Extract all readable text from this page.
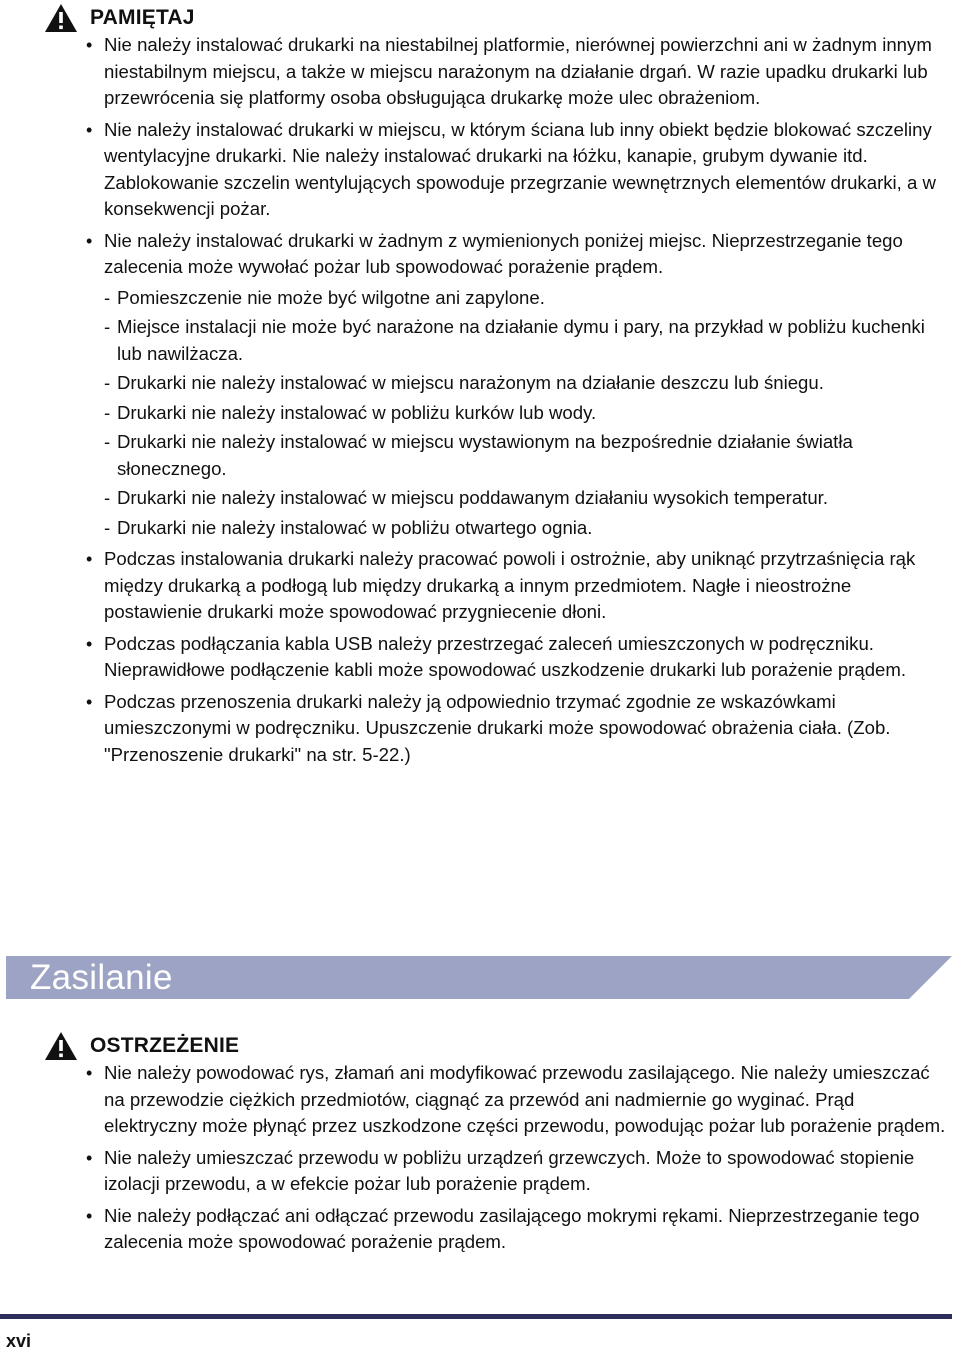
PAMIĘTAJ
• Nie należy instalować drukarki na niestabilnej platformie, nierównej powierzchni ani w żadnym innym niestabilnym miejscu, a także w miejscu narażonym na działanie drgań. W razie upadku drukarki lub przewrócenia się platformy osoba obsługująca drukarkę może ulec obrażeniom.
• Nie należy instalować drukarki w miejscu, w którym ściana lub inny obiekt będzie blokować szczeliny wentylacyjne drukarki. Nie należy instalować drukarki na łóżku, kanapie, grubym dywanie itd. Zablokowanie szczelin wentylujących spowoduje przegrzanie wewnętrznych elementów drukarki, a w konsekwencji pożar.
• Nie należy instalować drukarki w żadnym z wymienionych poniżej miejsc. Nieprzestrzeganie tego zalecenia może wywołać pożar lub spowodować porażenie prądem.
- Pomieszczenie nie może być wilgotne ani zapylone.
- Miejsce instalacji nie może być narażone na działanie dymu i pary, na przykład w pobliżu kuchenki lub nawilżacza.
- Drukarki nie należy instalować w miejscu narażonym na działanie deszczu lub śniegu.
- Drukarki nie należy instalować w pobliżu kurków lub wody.
- Drukarki nie należy instalować w miejscu wystawionym na bezpośrednie działanie światła słonecznego.
- Drukarki nie należy instalować w miejscu poddawanym działaniu wysokich temperatur.
- Drukarki nie należy instalować w pobliżu otwartego ognia.
• Podczas instalowania drukarki należy pracować powoli i ostrożnie, aby uniknąć przytrzaśnięcia rąk między drukarką a podłogą lub między drukarką a innym przedmiotem. Nagłe i nieostrożne postawienie drukarki może spowodować przygniecenie dłoni.
• Podczas podłączania kabla USB należy przestrzegać zaleceń umieszczonych w podręczniku. Nieprawidłowe podłączenie kabli może spowodować uszkodzenie drukarki lub porażenie prądem.
• Podczas przenoszenia drukarki należy ją odpowiednio trzymać zgodnie ze wskazówkami umieszczonymi w podręczniku. Upuszczenie drukarki może spowodować obrażenia ciała. (Zob. "Przenoszenie drukarki" na str. 5-22.)
Zasilanie
OSTRZEŻENIE
• Nie należy powodować rys, złamań ani modyfikować przewodu zasilającego. Nie należy umieszczać na przewodzie ciężkich przedmiotów, ciągnąć za przewód ani nadmiernie go wyginać. Prąd elektryczny może płynąć przez uszkodzone części przewodu, powodując pożar lub porażenie prądem.
• Nie należy umieszczać przewodu w pobliżu urządzeń grzewczych. Może to spowodować stopienie izolacji przewodu, a w efekcie pożar lub porażenie prądem.
• Nie należy podłączać ani odłączać przewodu zasilającego mokrymi rękami. Nieprzestrzeganie tego zalecenia może spowodować porażenie prądem.
xvi
